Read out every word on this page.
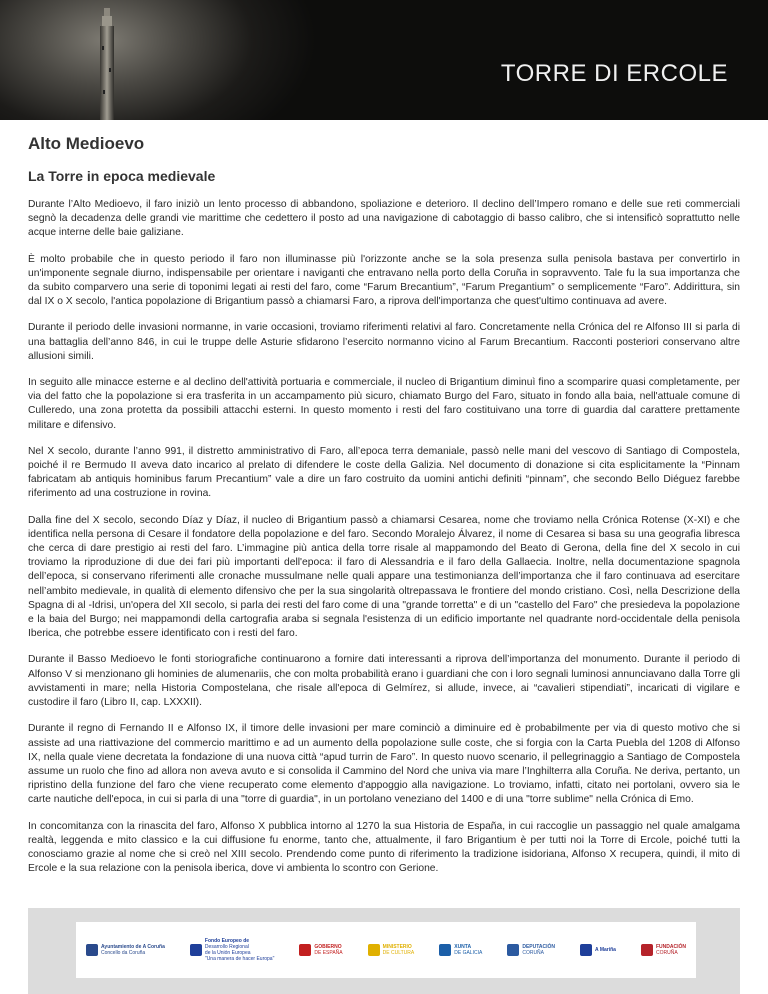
TORRE DI ERCOLE
Alto Medioevo
La Torre in epoca medievale

Durante l’Alto Medioevo, il faro iniziò un lento processo di abbandono, spoliazione e deterioro. Il declino dell’Impero romano e delle sue reti commerciali segnò la decadenza delle grandi vie marittime che cedettero il posto ad una navigazione di cabotaggio di basso calibro, che si intensificò soprattutto nelle acque interne delle baie galiziane.

È molto probabile che in questo periodo il faro non illuminasse più l'orizzonte anche se la sola presenza sulla penisola bastava per convertirlo in un'imponente segnale diurno, indispensabile per orientare i naviganti che entravano nella porto della Coruña in sopravvento. Tale fu la sua importanza che da subito comparvero una serie di toponimi legati ai resti del faro, come “Farum Brecantium”, “Farum Pregantium” o semplicemente “Faro”. Addirittura, sin dal IX o X secolo, l'antica popolazione di Brigantium passò a chiamarsi Faro, a riprova dell'importanza che quest'ultimo continuava ad avere.

Durante il periodo delle invasioni normanne, in varie occasioni, troviamo riferimenti relativi al faro. Concretamente nella Crónica del re Alfonso III si parla di una battaglia dell’anno 846, in cui le truppe delle Asturie sfidarono l’esercito normanno vicino al Farum Brecantium. Racconti posteriori conservano altre allusioni simili.

In seguito alle minacce esterne e al declino dell'attività portuaria e commerciale, il nucleo di Brigantium diminuì fino a scomparire quasi completamente, per via del fatto che la popolazione si era trasferita in un accampamento più sicuro, chiamato Burgo del Faro, situato in fondo alla baia, nell'attuale comune di Culleredo, una zona protetta da possibili attacchi esterni. In questo momento i resti del faro costituivano una torre di guardia dal carattere prettamente militare e difensivo.

Nel X secolo, durante l’anno 991, il distretto amministrativo di Faro, all’epoca terra demaniale, passò nelle mani del vescovo di Santiago di Compostela, poiché il re Bermudo II aveva dato incarico al prelato di difendere le coste della Galizia. Nel documento di donazione si cita esplicitamente la “Pinnam fabricatam ab antiquis hominibus farum Precantium” vale a dire un faro costruito da uomini antichi definiti “pinnam”, che secondo Bello Diéguez farebbe riferimento ad una costruzione in rovina.

Dalla fine del X secolo, secondo Díaz y Díaz, il nucleo di Brigantium passò a chiamarsi Cesarea, nome che troviamo nella Crónica Rotense (X-XI) e che identifica nella persona di Cesare il fondatore della popolazione e del faro. Secondo Moralejo Álvarez, il nome di Cesarea si basa su una geografia libresca che cerca di dare prestigio ai resti del faro. L’immagine più antica della torre risale al mappamondo del Beato di Gerona, della fine del X secolo in cui troviamo la riproduzione di due dei fari più importanti dell'epoca: il faro di Alessandria e il faro della Gallaecia. Inoltre, nella documentazione spagnola dell’epoca, si conservano riferimenti alle cronache mussulmane nelle quali appare una testimonianza dell’importanza che il faro continuava ad esercitare nell’ambito medievale, in qualità di elemento difensivo che per la sua singolarità oltrepassava le frontiere del mondo cristiano. Così, nella Descrizione della Spagna di al -Idrisi, un'opera del XII secolo, si parla dei resti del faro come di una "grande torretta" e di un "castello del Faro" che presiedeva la popolazione e la baia del Burgo; nei mappamondi della cartografia araba si segnala l'esistenza di un edificio importante nel quadrante nord-occidentale della penisola Iberica, che potrebbe essere identificato con i resti del faro.

Durante il Basso Medioevo le fonti storiografiche continuarono a fornire dati interessanti a riprova dell’importanza del monumento. Durante il periodo di Alfonso V si menzionano gli hominies de alumenariis, che con molta probabilità erano i guardiani che con i loro segnali luminosi annunciavano dalla Torre gli avvistamenti in mare; nella Historia Compostelana, che risale all'epoca di Gelmírez, si allude, invece, ai “cavalieri stipendiati”, incaricati di vigilare e custodire il faro (Libro II, cap. LXXXII).

Durante il regno di Fernando II e Alfonso IX, il timore delle invasioni per mare cominciò a diminuire ed è probabilmente per via di questo motivo che si assiste ad una riattivazione del commercio marittimo e ad un aumento della popolazione sulle coste, che si forgia con la Carta Puebla del 1208 di Alfonso IX, nella quale viene decretata la fondazione di una nuova città “apud turrin de Faro”. In questo nuovo scenario, il pellegrinaggio a Santiago de Compostela assume un ruolo che fino ad allora non aveva avuto e si consolida il Cammino del Nord che univa via mare l’Inghilterra alla Coruña. Ne deriva, pertanto, un ripristino della funzione del faro che viene recuperato come elemento d'appoggio alla navigazione. Lo troviamo, infatti, citato nei portolani, ovvero sia le carte nautiche dell'epoca, in cui si parla di una "torre di guardia", in un portolano veneziano del 1400 e di una "torre sublime" nella Crónica di Emo.

In concomitanza con la rinascita del faro, Alfonso X pubblica intorno al 1270 la sua Historia de España, in cui raccoglie un passaggio nel quale amalgama realtà, leggenda e mito classico e la cui diffusione fu enorme, tanto che, attualmente, il faro Brigantium è per tutti noi la Torre di Ercole, poiché tutti la conosciamo grazie al nome che si creò nel XIII secolo. Prendendo come punto di riferimento la tradizione isidoriana, Alfonso X recupera, quindi, il mito di Ercole e la sua relazione con la penisola iberica, dove vi ambienta lo scontro con Gerione.

Ayuntamiento de A Coruña
Concello da Coruña
Fondo Europeo de
Desarrollo Regional
de la Unión Europea
"Una manera de hacer Europa"
GOBIERNO
DE ESPAÑA
MINISTERIO
DE CULTURA
XUNTA
DE GALICIA
DEPUTACIÓN
CORUÑA	A Mariña	FUNDACIÓN
CORUÑA
